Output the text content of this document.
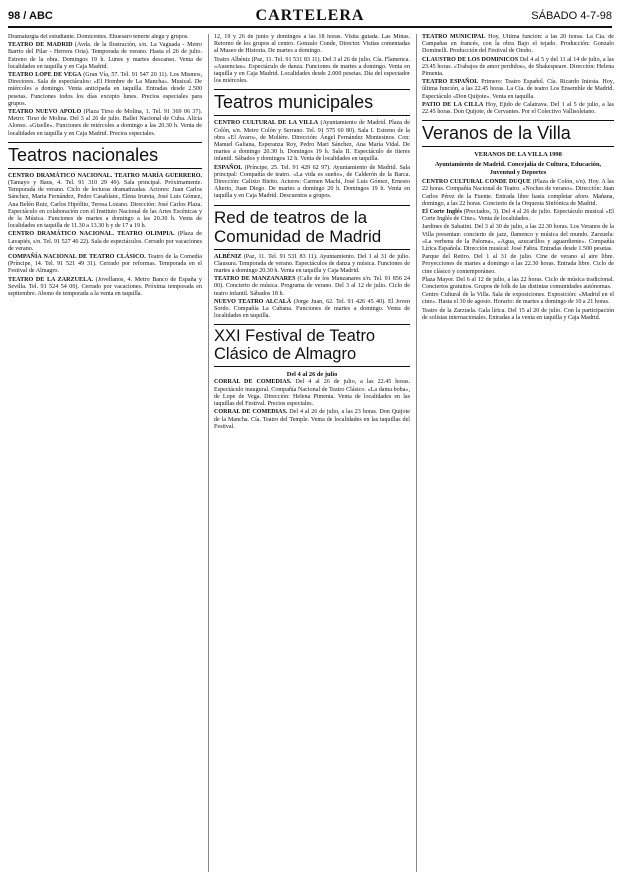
98 / ABC	CARTELERA	SÁBADO 4-7-98

Dramaturgia del estudiante. Domicentes. Ehuesaro tenerte alegu y grupos.

TEATRO DE MADRID (Avda. de la Ilustración, s/n. La Vaguada - Metro Barrio del Pilar - Herrera Oria). Temporada de verano. Hasta el 26 de julio. Estreno de la obra. Domingos 19 h. Lunes y martes descanso. Venta de localidades en taquilla y en Caja Madrid.

TEATRO LOPE DE VEGA (Gran Vía, 57. Tel. 91 547 20 11). Los Mismos, Directores. Sala de espectáculos: «El Hombre de La Mancha». Musical. De miércoles a domingo. Venta anticipada en taquilla. Entradas desde 2.500 pesetas. Funciones todos los días excepto lunes. Precios especiales para grupos.

TEATRO NUEVO APOLO (Plaza Tirso de Molina, 1. Tel. 91 369 06 37). Metro: Tirso de Molina. Del 3 al 26 de julio. Ballet Nacional de Cuba. Alicia Alonso. «Giselle». Funciones de miércoles a domingo a las 20.30 h. Venta de localidades en taquilla y en Caja Madrid. Precios especiales.

Teatros nacionales

CENTRO DRAMÁTICO NACIONAL. TEATRO MARÍA GUERRERO. (Tamayo y Baus, 4. Tel. 91 310 29 49). Sala principal. Próximamente. Temporada de verano. Ciclo de lecturas dramatizadas. Actores: Juan Carlos Sánchez, Marta Fernández, Pedro Casablanc, Elena Irureta, José Luis Gómez, Ana Belén Ruiz, Carlos Hipólito, Teresa Lozano. Dirección: José Carlos Plaza. Espectáculo en colaboración con el Instituto Nacional de las Artes Escénicas y de la Música. Funciones de martes a domingo a las 20.30 h. Venta de localidades en taquilla de 11.30 a 13.30 h y de 17 a 19 h.

CENTRO DRAMÁTICO NACIONAL. TEATRO OLIMPIA. (Plaza de Lavapiés, s/n. Tel. 91 527 46 22). Sala de espectáculos. Cerrado por vacaciones de verano.

COMPAÑÍA NACIONAL DE TEATRO CLÁSICO. Teatro de la Comedia (Príncipe, 14. Tel. 91 521 49 31). Cerrado por reformas. Temporada en el Festival de Almagro.

TEATRO DE LA ZARZUELA. (Jovellanos, 4. Metro Banco de España y Sevilla. Tel. 91 524 54 00). Cerrado por vacaciones. Próxima temporada en septiembre. Abono de temporada a la venta en taquilla.

12, 19 y 26 de junio y domingos a las 18 horas. Visita guiada. Las Minas. Retorno de los grupos al centro. Gonzalo Conde, Director. Visitas comentadas al Museo de Historia. De martes a domingo.

Teatro Albéniz (Paz, 11. Tel. 91 531 83 11). Del 3 al 26 de julio. Cía. Flamenca. «Ausencias». Espectáculo de danza. Funciones de martes a domingo. Venta en taquilla y en Caja Madrid. Localidades desde 2.000 pesetas. Día del espectador los miércoles.

Teatros municipales

CENTRO CULTURAL DE LA VILLA (Ayuntamiento de Madrid. Plaza de Colón, s/n. Metro Colón y Serrano. Tel. 91 575 60 80). Sala I. Estreno de la obra «El Avaro», de Molière. Dirección: Ángel Fernández Montesinos. Con: Manuel Galiana, Esperanza Roy, Pedro Mari Sánchez, Ana María Vidal. De martes a domingo 20.30 h. Domingos 19 h. Sala II. Espectáculo de títeres infantil. Sábados y domingos 12 h. Venta de localidades en taquilla.

ESPAÑOL (Príncipe, 25. Tel. 91 429 62 97). Ayuntamiento de Madrid. Sala principal: Compañía de teatro. «La vida es sueño», de Calderón de la Barca. Dirección: Calixto Bieito. Actores: Carmen Machi, José Luis Gómez, Ernesto Alterio, Juan Diego. De martes a domingo 20 h. Domingos 19 h. Venta en taquilla y en Caja Madrid. Descuentos a grupos.

Red de teatros de la Comunidad de Madrid

ALBÉNIZ (Paz, 11. Tel. 91 531 83 11). Ayuntamiento. Del 1 al 31 de julio. Clausura. Temporada de verano. Espectáculos de danza y música. Funciones de martes a domingo 20.30 h. Venta en taquilla y Caja Madrid.

TEATRO DE MANZANARES (Calle de los Manzanares s/n. Tel. 91 856 24 00). Concierto de música. Programa de verano. Del 3 al 12 de julio. Ciclo de teatro infantil. Sábados 18 h.

NUEVO TEATRO ALCALÁ (Jorge Juan, 62. Tel. 91 426 45 40). El Joven Sordo. Compañía La Cubana. Funciones de martes a domingo. Venta de localidades en taquilla.

XXI Festival de Teatro Clásico de Almagro

Del 4 al 26 de julio

CORRAL DE COMEDIAS. Del 4 al 26 de julio, a las 22.45 horas. Espectáculo inaugural. Compañía Nacional de Teatro Clásico. «La dama boba», de Lope de Vega. Dirección: Helena Pimenta. Venta de localidades en las taquillas del Festival. Precios especiales.

CORRAL DE COMEDIAS. Del 4 al 26 de julio, a las 23 horas. Don Quijote de la Mancha. Cía. Teatro del Temple. Venta de localidades en las taquillas del Festival.

TEATRO MUNICIPAL Hoy, Ultima función: a las 20 horas. La Cía. de Campañas en francés, con la obra Bajo el tejado. Producción: Gonzalo Dominelli. Producción del Festival de Otoño.

CLAUSTRO DE LOS DOMINICOS Del 4 al 5 y del 11 al 14 de julio, a las 23.45 horas. «Trabajos de amor perdidos», de Shakespeare. Dirección: Helena Pimenta.

TEATRO ESPAÑOL Primero: Teatro Español. Cía. Ricardo Iniesta. Hoy, última función, a las 22.45 horas. La Cía. de teatro Los Ensemble de Madrid. Espectáculo «Don Quijote». Venta en taquilla.

PATIO DE LA CILLA Hoy, Ejido de Calatrava. Del 1 al 5 de julio, a las 22.45 horas. Don Quijote, de Cervantes. Por el Colectivo Vallisoletano.

Veranos de la Villa

VERANOS DE LA VILLA 1998

Ayuntamiento de Madrid. Concejalía de Cultura, Educación, Juventud y Deportes

CENTRO CULTURAL CONDE DUQUE (Plaza de Colón, s/n). Hoy. A las 22 horas. Compañía Nacional de Teatro. «Noches de verano». Dirección: Juan Carlos Pérez de la Fuente. Entrada libre hasta completar aforo. Mañana, domingo, a las 22 horas. Concierto de la Orquesta Sinfónica de Madrid.

El Corte Inglés (Preciados, 3). Del 4 al 26 de julio. Espectáculo musical «El Corte Inglés de Cine». Venta de localidades.

Jardines de Sabatini. Del 3 al 30 de julio, a las 22.30 horas. Los Veranos de la Villa presentan: concierto de jazz, flamenco y música del mundo. Zarzuela: «La verbena de la Paloma», «Agua, azucarillos y aguardiente». Compañía Lírica Española. Dirección musical: José Fabra. Entradas desde 1.500 pesetas.

Parque del Retiro. Del 1 al 31 de julio. Cine de verano al aire libre. Proyecciones de martes a domingo a las 22.30 horas. Entrada libre. Ciclo de cine clásico y contemporáneo.

Plaza Mayor. Del 6 al 12 de julio, a las 22 horas. Ciclo de música tradicional. Conciertos gratuitos. Grupos de folk de las distintas comunidades autónomas.

Centro Cultural de la Villa. Sala de exposiciones. Exposición: «Madrid en el cine». Hasta el 30 de agosto. Horario: de martes a domingo de 10 a 21 horas.

Teatro de la Zarzuela. Gala lírica. Del 15 al 20 de julio. Con la participación de solistas internacionales. Entradas a la venta en taquilla y Caja Madrid.
